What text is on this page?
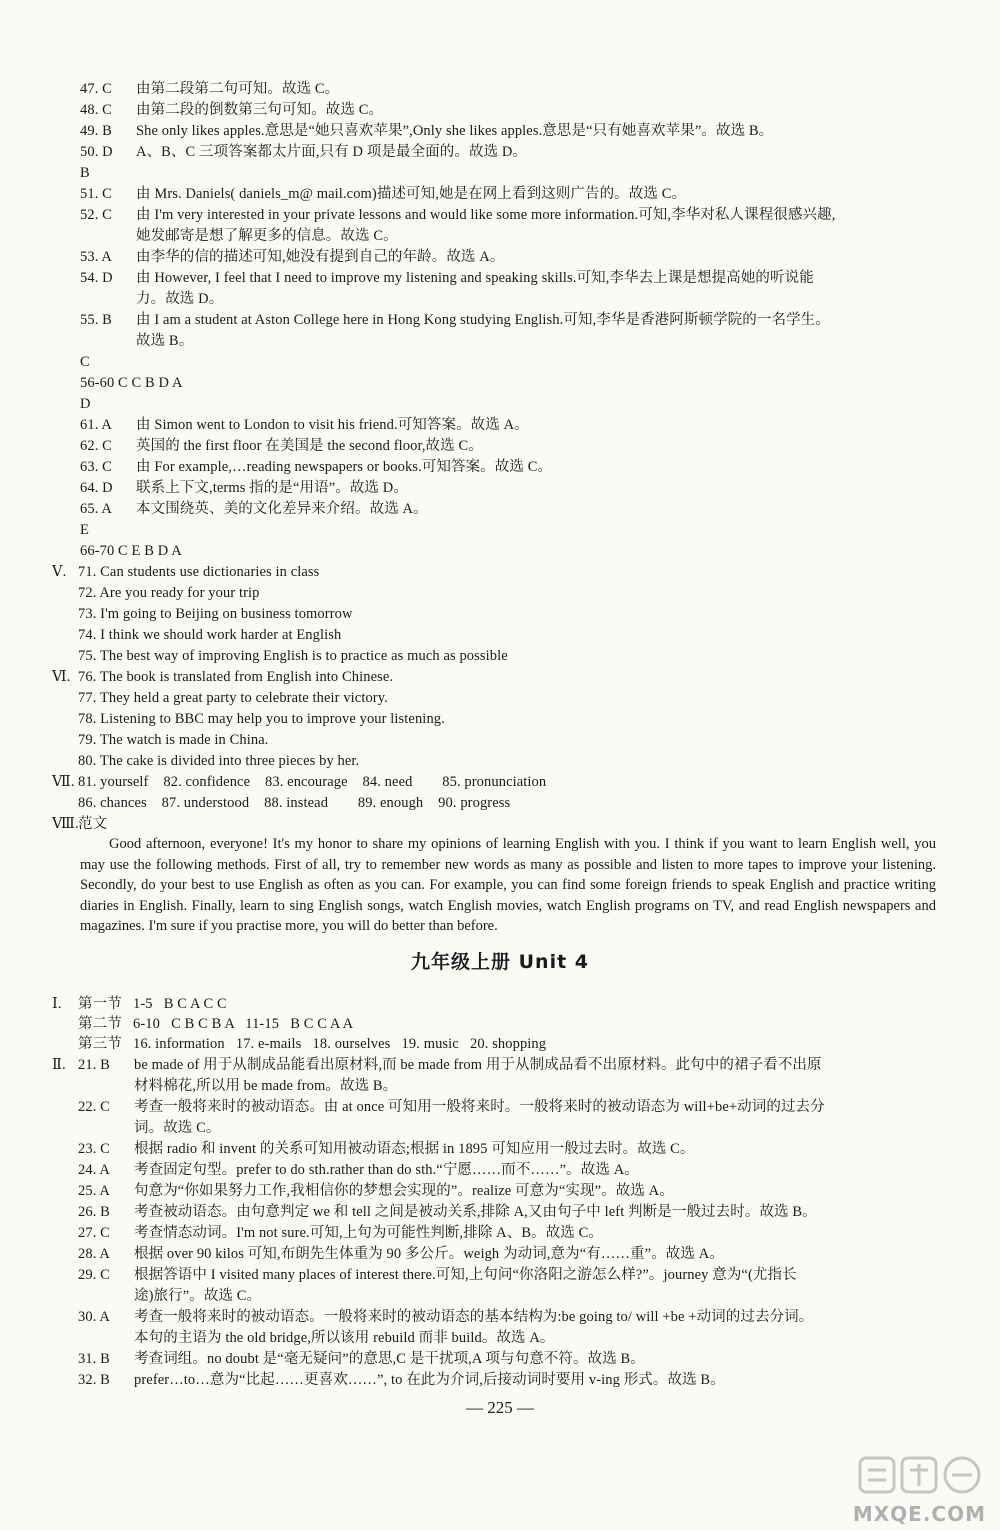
47. C 由第二段第二句可知。故选 C。
48. C 由第二段的倒数第三句可知。故选 C。
49. B She only likes apples.意思是“她只喜欢苹果”,Only she likes apples.意思是“只有她喜欢苹果”。故选 B。
50. D A、B、C 三项答案都太片面,只有 D 项是最全面的。故选 D。
B
51. C 由 Mrs. Daniels( daniels_m@ mail.com)描述可知,她是在网上看到这则广告的。故选 C。
52. C 由 I'm very interested in your private lessons and would like some more information.可知,李华对私人课程很感兴趣,
她发邮寄是想了解更多的信息。故选 C。
53. A 由李华的信的描述可知,她没有提到自己的年龄。故选 A。
54. D 由 However, I feel that I need to improve my listening and speaking skills.可知,李华去上课是想提高她的听说能
力。故选 D。
55. B 由 I am a student at Aston College here in Hong Kong studying English.可知,李华是香港阿斯顿学院的一名学生。
故选 B。
C
56-60 C C B D A
D
61. A 由 Simon went to London to visit his friend.可知答案。故选 A。
62. C 英国的 the first floor 在美国是 the second floor,故选 C。
63. C 由 For example,…reading newspapers or books.可知答案。故选 C。
64. D 联系上下文,terms 指的是“用语”。故选 D。
65. A 本文围绕英、美的文化差异来介绍。故选 A。
E
66-70 C E B D A
Ⅴ. 71. Can students use dictionaries in class
72. Are you ready for your trip
73. I'm going to Beijing on business tomorrow
74. I think we should work harder at English
75. The best way of improving English is to practice as much as possible
Ⅵ. 76. The book is translated from English into Chinese.
77. They held a great party to celebrate their victory.
78. Listening to BBC may help you to improve your listening.
79. The watch is made in China.
80. The cake is divided into three pieces by her.
Ⅶ. 81. yourself    82. confidence    83. encourage    84. need        85. pronunciation
86. chances    87. understood    88. instead        89. enough    90. progress
Ⅷ.范文
Good afternoon, everyone! It's my honor to share my opinions of learning English with you. I think if you want to learn English well, you may use the following methods. First of all, try to remember new words as many as possible and listen to more tapes to improve your listening. Secondly, do your best to use English as often as you can. For example, you can find some foreign friends to speak English and practice writing diaries in English. Finally, learn to sing English songs, watch English movies, watch English programs on TV, and read English newspapers and magazines. I'm sure if you practise more, you will do better than before.
九年级上册 Unit 4
Ⅰ. 第一节   1-5   B C A C C
第二节   6-10   C B C B A   11-15   B C C A A
第三节   16. information   17. e-mails   18. ourselves   19. music   20. shopping
Ⅱ. 21. B be made of 用于从制成品能看出原材料,而 be made from 用于从制成品看不出原材料。此句中的裙子看不出原
材料棉花,所以用 be made from。故选 B。
22. C 考查一般将来时的被动语态。由 at once 可知用一般将来时。一般将来时的被动语态为 will+be+动词的过去分
词。故选 C。
23. C 根据 radio 和 invent 的关系可知用被动语态;根据 in 1895 可知应用一般过去时。故选 C。
24. A 考查固定句型。prefer to do sth.rather than do sth.“宁愿……而不……”。故选 A。
25. A 句意为“你如果努力工作,我相信你的梦想会实现的”。realize 可意为“实现”。故选 A。
26. B 考查被动语态。由句意判定 we 和 tell 之间是被动关系,排除 A,又由句子中 left 判断是一般过去时。故选 B。
27. C 考查情态动词。I'm not sure.可知,上句为可能性判断,排除 A、B。故选 C。
28. A 根据 over 90 kilos 可知,布朗先生体重为 90 多公斤。weigh 为动词,意为“有……重”。故选 A。
29. C 根据答语中 I visited many places of interest there.可知,上句问“你洛阳之游怎么样?”。journey 意为“(尤指长
途)旅行”。故选 C。
30. A 考查一般将来时的被动语态。一般将来时的被动语态的基本结构为:be going to/ will +be +动词的过去分词。
本句的主语为 the old bridge,所以该用 rebuild 而非 build。故选 A。
31. B 考查词组。no doubt 是“毫无疑问”的意思,C 是干扰项,A 项与句意不符。故选 B。
32. B prefer…to…意为“比起……更喜欢……”, to 在此为介词,后接动词时要用 v-ing 形式。故选 B。
— 225 —
MXQE.COM
